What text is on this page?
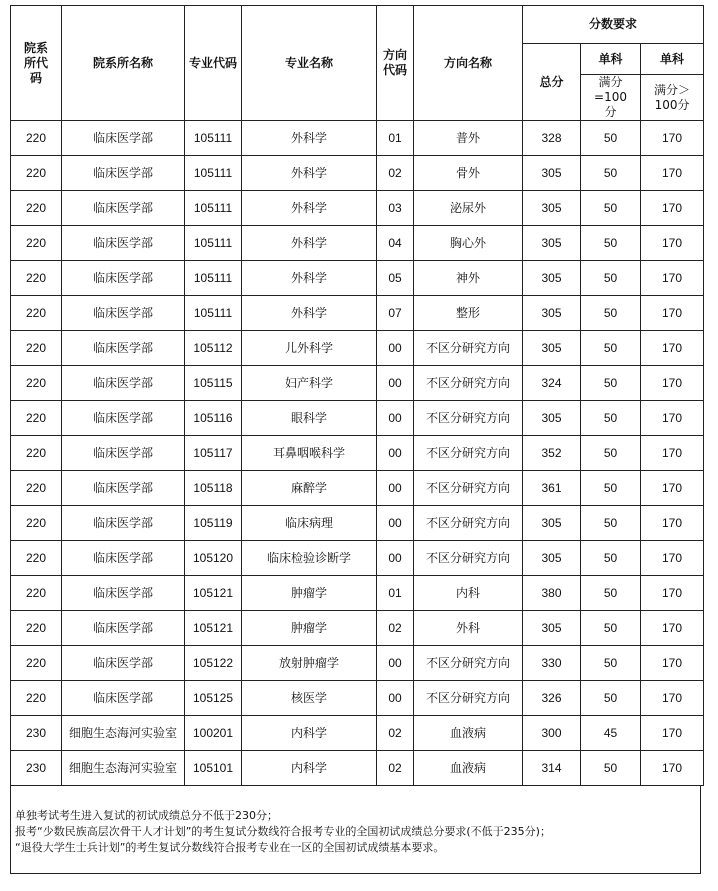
院系所代码	院系所名称	专业代码	专业名称	方向代码	方向名称	分数要求		
						总分	单科	单科
							满分=100分	满分＞100分
220	临床医学部	105111	外科学	01	普外	328	50	170
220	临床医学部	105111	外科学	02	骨外	305	50	170
220	临床医学部	105111	外科学	03	泌尿外	305	50	170
220	临床医学部	105111	外科学	04	胸心外	305	50	170
220	临床医学部	105111	外科学	05	神外	305	50	170
220	临床医学部	105111	外科学	07	整形	305	50	170
220	临床医学部	105112	儿外科学	00	不区分研究方向	305	50	170
220	临床医学部	105115	妇产科学	00	不区分研究方向	324	50	170
220	临床医学部	105116	眼科学	00	不区分研究方向	305	50	170
220	临床医学部	105117	耳鼻咽喉科学	00	不区分研究方向	352	50	170
220	临床医学部	105118	麻醉学	00	不区分研究方向	361	50	170
220	临床医学部	105119	临床病理	00	不区分研究方向	305	50	170
220	临床医学部	105120	临床检验诊断学	00	不区分研究方向	305	50	170
220	临床医学部	105121	肿瘤学	01	内科	380	50	170
220	临床医学部	105121	肿瘤学	02	外科	305	50	170
220	临床医学部	105122	放射肿瘤学	00	不区分研究方向	330	50	170
220	临床医学部	105125	核医学	00	不区分研究方向	326	50	170
230	细胞生态海河实验室	100201	内科学	02	血液病	300	45	170
230	细胞生态海河实验室	105101	内科学	02	血液病	314	50	170
单独考试考生进入复试的初试成绩总分不低于230分；
报考“少数民族高层次骨干人才计划”的考生复试分数线符合报考专业的全国初试成绩总分要求(不低于235分)；
“退役大学生士兵计划”的考生复试分数线符合报考专业在一区的全国初试成绩基本要求。
